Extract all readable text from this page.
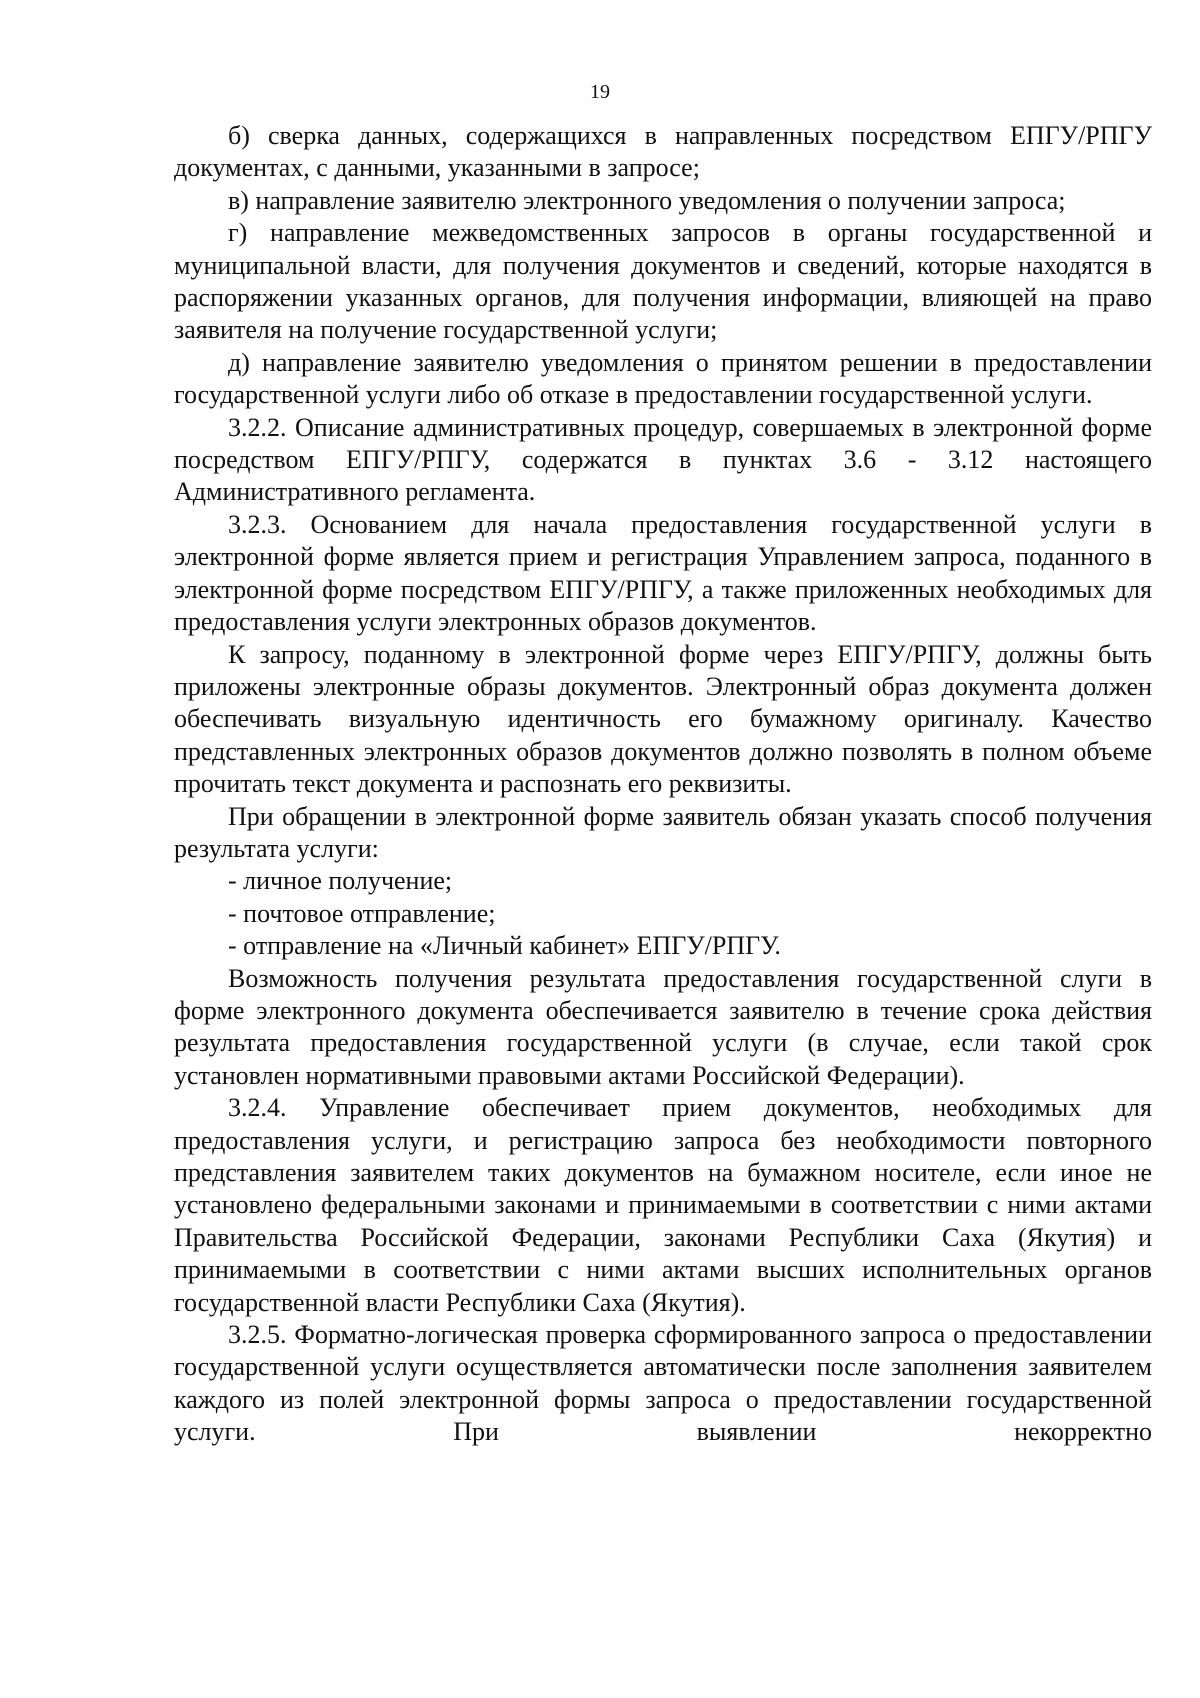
19

б) сверка данных, содержащихся в направленных посредством ЕПГУ/РПГУ документах, с данными, указанными в запросе;

в) направление заявителю электронного уведомления о получении запроса;

г) направление межведомственных запросов в органы государственной и муниципальной власти, для получения документов и сведений, которые находятся в распоряжении указанных органов, для получения информации, влияющей на право заявителя на получение государственной услуги;

д) направление заявителю уведомления о принятом решении в предоставлении государственной услуги либо об отказе в предоставлении государственной услуги.

3.2.2. Описание административных процедур, совершаемых в электронной форме посредством ЕПГУ/РПГУ, содержатся в пунктах 3.6 - 3.12 настоящего Административного регламента.

3.2.3. Основанием для начала предоставления государственной услуги в электронной форме является прием и регистрация Управлением запроса, поданного в электронной форме посредством ЕПГУ/РПГУ, а также приложенных необходимых для предоставления услуги электронных образов документов.

К запросу, поданному в электронной форме через ЕПГУ/РПГУ, должны быть приложены электронные образы документов. Электронный образ документа должен обеспечивать визуальную идентичность его бумажному оригиналу. Качество представленных электронных образов документов должно позволять в полном объеме прочитать текст документа и распознать его реквизиты.

При обращении в электронной форме заявитель обязан указать способ получения результата услуги:

- личное получение;

- почтовое отправление;

- отправление на «Личный кабинет» ЕПГУ/РПГУ.

Возможность получения результата предоставления государственной слуги в форме электронного документа обеспечивается заявителю в течение срока действия результата предоставления государственной услуги (в случае, если такой срок установлен нормативными правовыми актами Российской Федерации).

3.2.4. Управление обеспечивает прием документов, необходимых для предоставления услуги, и регистрацию запроса без необходимости повторного представления заявителем таких документов на бумажном носителе, если иное не установлено федеральными законами и принимаемыми в соответствии с ними актами Правительства Российской Федерации, законами Республики Саха (Якутия) и принимаемыми в соответствии с ними актами высших исполнительных органов государственной власти Республики Саха (Якутия).

3.2.5. Форматно-логическая проверка сформированного запроса о предоставлении государственной услуги осуществляется автоматически после заполнения заявителем каждого из полей электронной формы запроса о предоставлении государственной услуги. При выявлении некорректно
